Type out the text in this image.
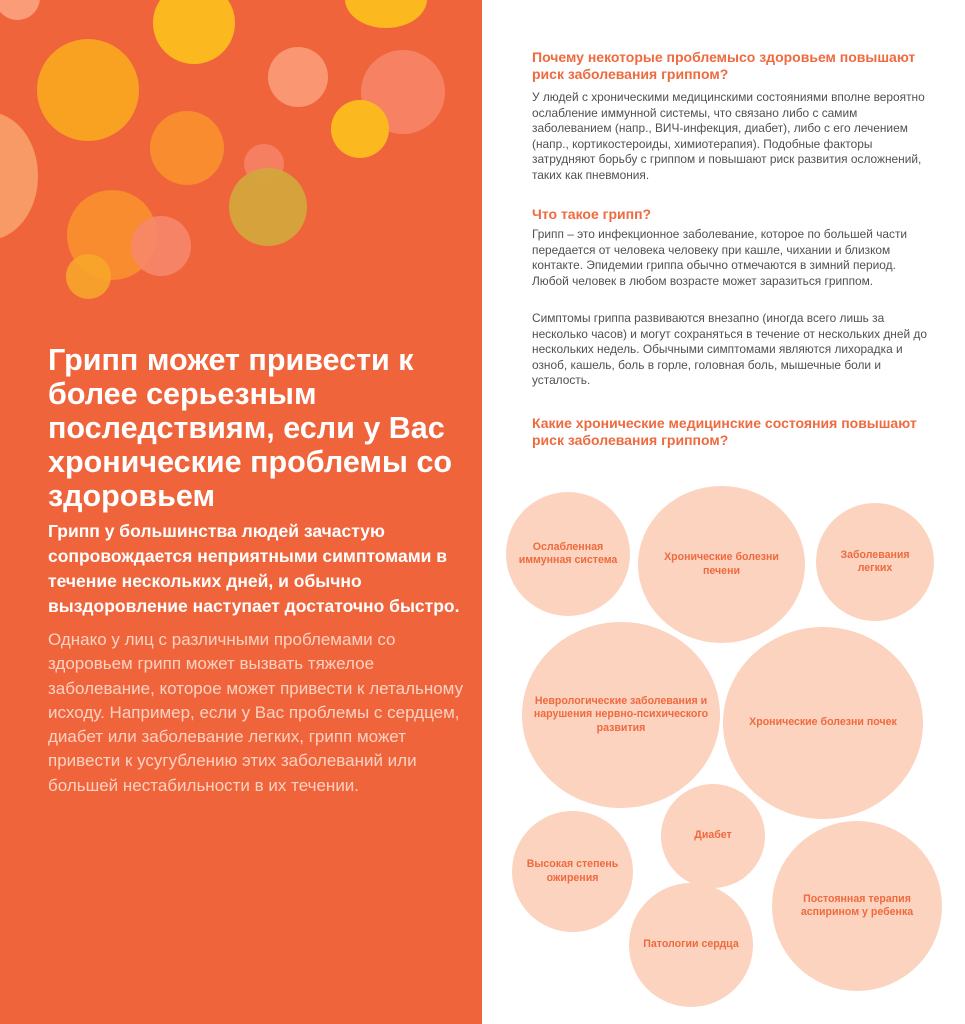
Грипп может привести к более серьезным последствиям, если у Вас хронические проблемы со здоровьем

Грипп у большинства людей зачастую сопровождается неприятными симптомами в течение нескольких дней, и обычно выздоровление наступает достаточно быстро.

Однако у лиц с различными проблемами со здоровьем грипп может вызвать тяжелое заболевание, которое может привести к летальному исходу. Например, если у Вас проблемы с сердцем, диабет или заболевание легких, грипп может привести к усугублению этих заболеваний или большей нестабильности в их течении.

Почему некоторые проблемысо здоровьем повышают риск заболевания гриппом?

У людей с хроническими медицинскими состояниями вполне вероятно ослабление иммунной системы, что связано либо с самим заболеванием (напр., ВИЧ-инфекция, диабет), либо с его лечением (напр., кортикостероиды, химиотерапия). Подобные факторы затрудняют борьбу с гриппом и повышают риск развития осложнений, таких как пневмония.

Что такое грипп?

Грипп – это инфекционное заболевание, которое по большей части передается от человека человеку при кашле, чихании и близком контакте. Эпидемии гриппа обычно отмечаются в зимний период. Любой человек в любом возрасте может заразиться гриппом.

Симптомы гриппа развиваются внезапно (иногда всего лишь за несколько часов) и могут сохраняться в течение от нескольких дней до нескольких недель. Обычными симптомами являются лихорадка и озноб, кашель, боль в горле, головная боль, мышечные боли и усталость.

Какие хронические медицинские состояния повышают риск заболевания гриппом?
Ослабленная иммунная система	Хронические болезни печени
Заболевания легких
Неврологические заболевания и нарушения нервно-психического развития	Хронические болезни почек
Диабет
Высокая степень ожирения
Постоянная терапия аспирином у ребенка
Патологии сердца
